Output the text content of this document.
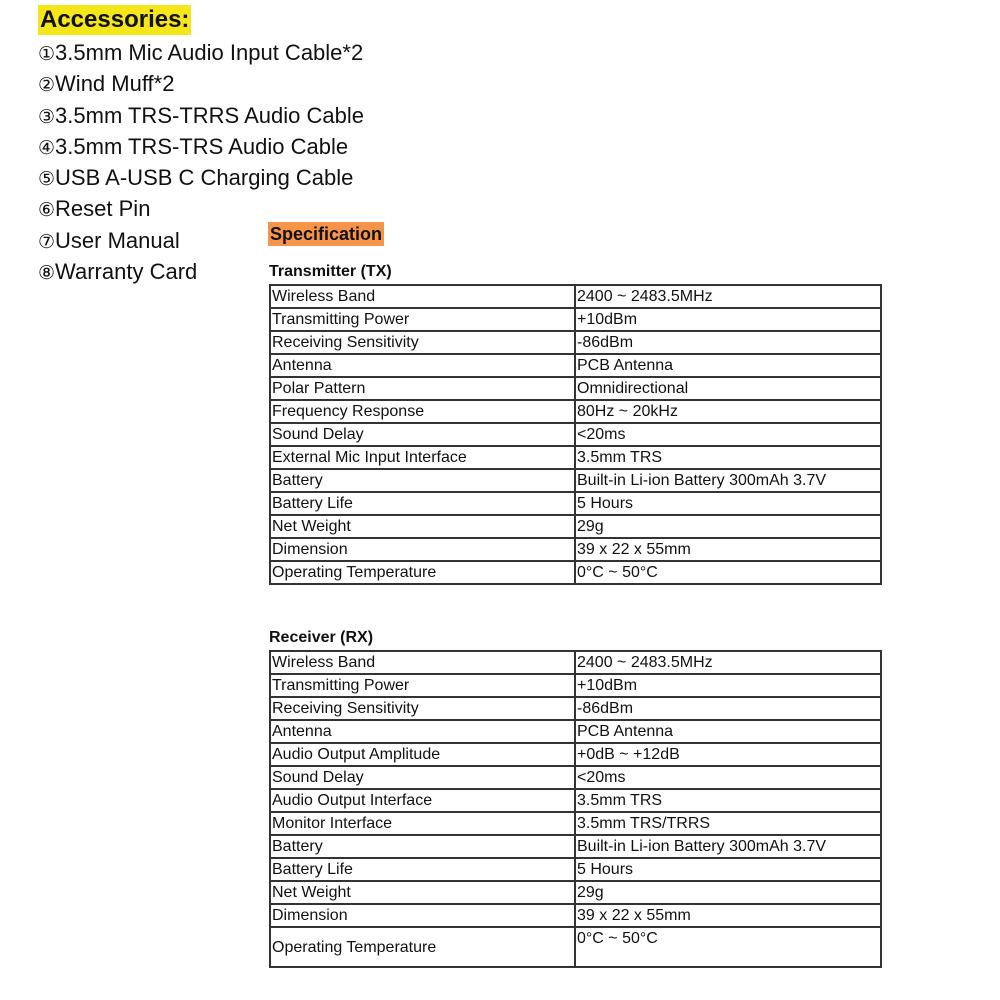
Accessories:
①3.5mm Mic Audio Input Cable*2
②Wind Muff*2
③3.5mm TRS-TRRS Audio Cable
④3.5mm TRS-TRS Audio Cable
⑤USB A-USB C Charging Cable
⑥Reset Pin
⑦User Manual
⑧Warranty Card
Specification
Transmitter (TX)
Wireless Band	2400 ~ 2483.5MHz
Transmitting Power	+10dBm
Receiving Sensitivity	-86dBm
Antenna	PCB Antenna
Polar Pattern	Omnidirectional
Frequency Response	80Hz ~ 20kHz
Sound Delay	<20ms
External Mic Input Interface	3.5mm TRS
Battery	Built-in Li-ion Battery 300mAh 3.7V
Battery Life	5 Hours
Net Weight	29g
Dimension	39 x 22 x 55mm
Operating Temperature	0°C ~ 50°C
Receiver (RX)
Wireless Band	2400 ~ 2483.5MHz
Transmitting Power	+10dBm
Receiving Sensitivity	-86dBm
Antenna	PCB Antenna
Audio Output Amplitude	+0dB ~ +12dB
Sound Delay	<20ms
Audio Output Interface	3.5mm TRS
Monitor Interface	3.5mm TRS/TRRS
Battery	Built-in Li-ion Battery 300mAh 3.7V
Battery Life	5 Hours
Net Weight	29g
Dimension	39 x 22 x 55mm
Operating Temperature	0°C ~ 50°C
